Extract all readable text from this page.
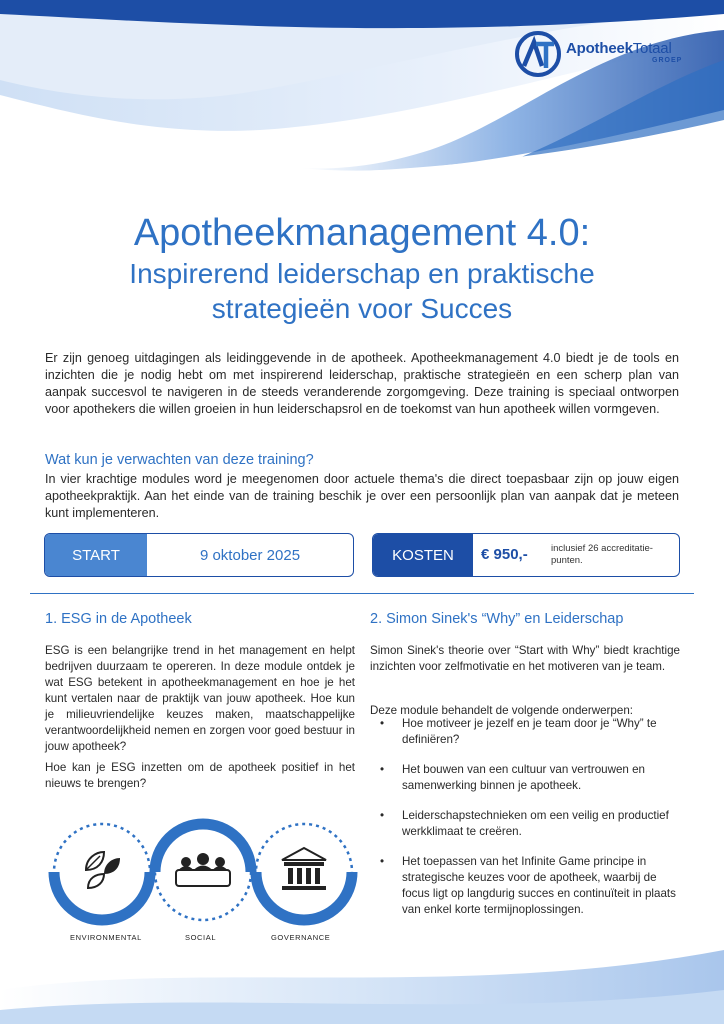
ApotheekTotaal
GROEP
Apotheekmanagement 4.0:
Inspirerend leiderschap en praktische
strategieën voor Succes

Er zijn genoeg uitdagingen als leidinggevende in de apotheek. Apotheekmanagement 4.0 biedt je de tools en inzichten die je nodig hebt om met inspirerend leiderschap, praktische strategieën en een scherp plan van aanpak succesvol te navigeren in de steeds veranderende zorgomgeving. Deze training is speciaal ontworpen voor apothekers die willen groeien in hun leiderschapsrol en de toekomst van hun apotheek willen vormgeven.

Wat kun je verwachten van deze training?

In vier krachtige modules word je meegenomen door actuele thema's die direct toepasbaar zijn op jouw eigen apotheekpraktijk. Aan het einde van de training beschik je over een persoonlijk plan van aanpak dat je meteen kunt implementeren.

START	9 oktober 2025	KOSTEN	€ 950,- inclusief 26 accreditatie-punten.
1. ESG in de Apotheek

ESG is een belangrijke trend in het management en helpt bedrijven duurzaam te opereren. In deze module ontdek je wat ESG betekent in apotheekmanagement en hoe je het kunt vertalen naar de praktijk van jouw apotheek. Hoe kun je milieuvriendelijke keuzes maken, maatschappelijke verantwoordelijkheid nemen en zorgen voor goed bestuur in jouw apotheek?

Hoe kan je ESG inzetten om de apotheek positief in het nieuws te brengen?

ENVIRONMENTAL	SOCIAL	GOVERNANCE
2. Simon Sinek's “Why” en Leiderschap

Simon Sinek's theorie over “Start with Why” biedt krachtige inzichten voor zelfmotivatie en het motiveren van je team.

Deze module behandelt de volgende onderwerpen:

• Hoe motiveer je jezelf en je team door je “Why” te definiëren?
• Het bouwen van een cultuur van vertrouwen en samenwerking binnen je apotheek.
• Leiderschapstechnieken om een veilig en productief werkklimaat te creëren.
• Het toepassen van het Infinite Game principe in strategische keuzes voor de apotheek, waarbij de focus ligt op langdurig succes en continuïteit in plaats van enkel korte termijnoplossingen.
